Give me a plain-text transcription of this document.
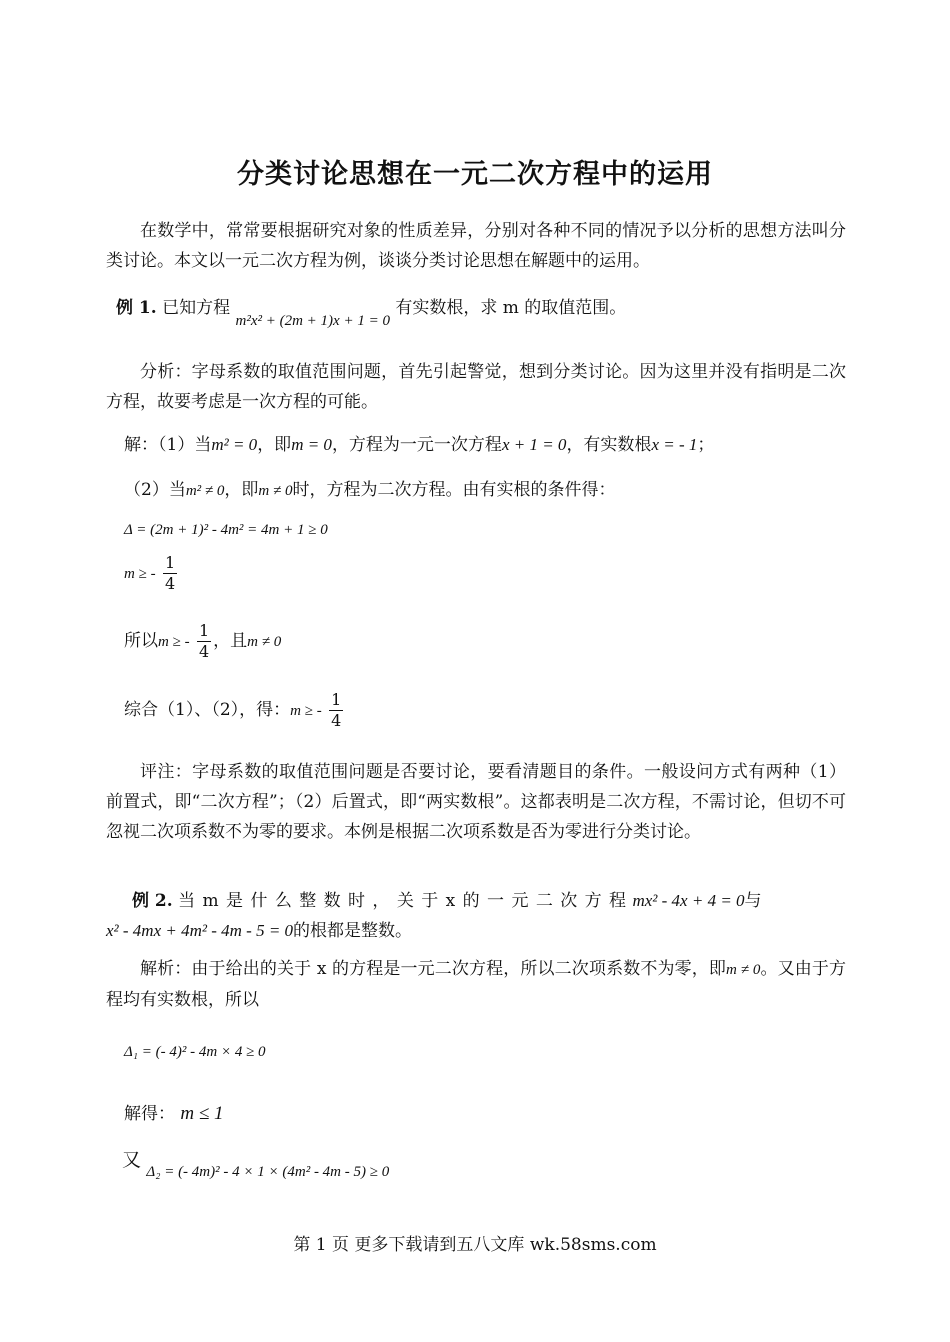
分类讨论思想在一元二次方程中的运用

在数学中，常常要根据研究对象的性质差异，分别对各种不同的情况予以分析的思想方法叫分类讨论。本文以一元二次方程为例，谈谈分类讨论思想在解题中的运用。

例 1. 已知方程 m²x² + (2m + 1)x + 1 = 0 有实数根，求 m 的取值范围。

分析：字母系数的取值范围问题，首先引起警觉，想到分类讨论。因为这里并没有指明是二次方程，故要考虑是一次方程的可能。

解：（1）当m² = 0，即m = 0，方程为一元一次方程x + 1 = 0，有实数根x = - 1；
（2）当m² ≠ 0，即m ≠ 0时，方程为二次方程。由有实根的条件得：
Δ = (2m + 1)² - 4m² = 4m + 1 ≥ 0
m ≥ - $\frac{1}{4}$
所以m ≥ - $\frac{1}{4}$ ，且m ≠ 0
综合（1）、（2），得：m ≥ - $\frac{1}{4}$

评注：字母系数的取值范围问题是否要讨论，要看清题目的条件。一般设问方式有两种（1）前置式，即“二次方程”；（2）后置式，即“两实数根”。这都表明是二次方程，不需讨论，但切不可忽视二次项系数不为零的要求。本例是根据二次项系数是否为零进行分类讨论。

例 2. 当 m 是 什 么 整 数 时 ， 关 于 x 的 一 元 二 次 方 程 mx² - 4x + 4 = 0与
x² - 4mx + 4m² - 4m - 5 = 0的根都是整数。

解析：由于给出的关于 x 的方程是一元二次方程，所以二次项系数不为零，即m ≠ 0。又由于方程均有实数根，所以

Δ₁ = (- 4)² - 4m × 4 ≥ 0
解得： m ≤ 1
又 Δ₂ = (- 4m)² - 4 × 1 × (4m² - 4m - 5) ≥ 0
第 1 页 更多下载请到五八文库 wk.58sms.com
